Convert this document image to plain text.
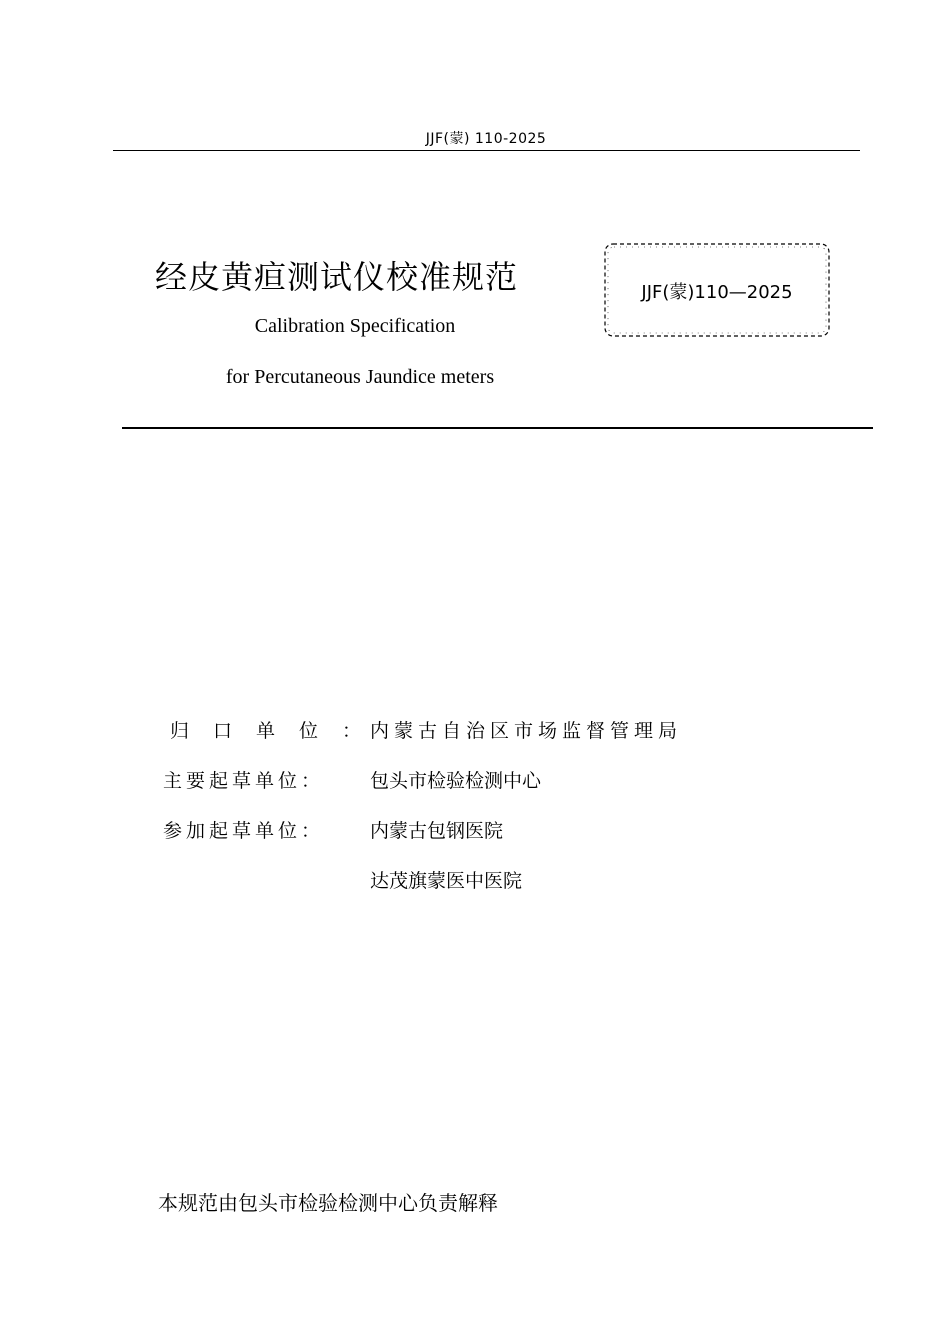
JJF(蒙) 110-2025
经皮黄疸测试仪校准规范
Calibration Specification
for Percutaneous Jaundice meters
JJF(蒙)110—2025
归口单位：
内蒙古自治区市场监督管理局
主要起草单位： 包头市检验检测中心
参加起草单位： 内蒙古包钢医院
达茂旗蒙医中医院
本规范由包头市检验检测中心负责解释
